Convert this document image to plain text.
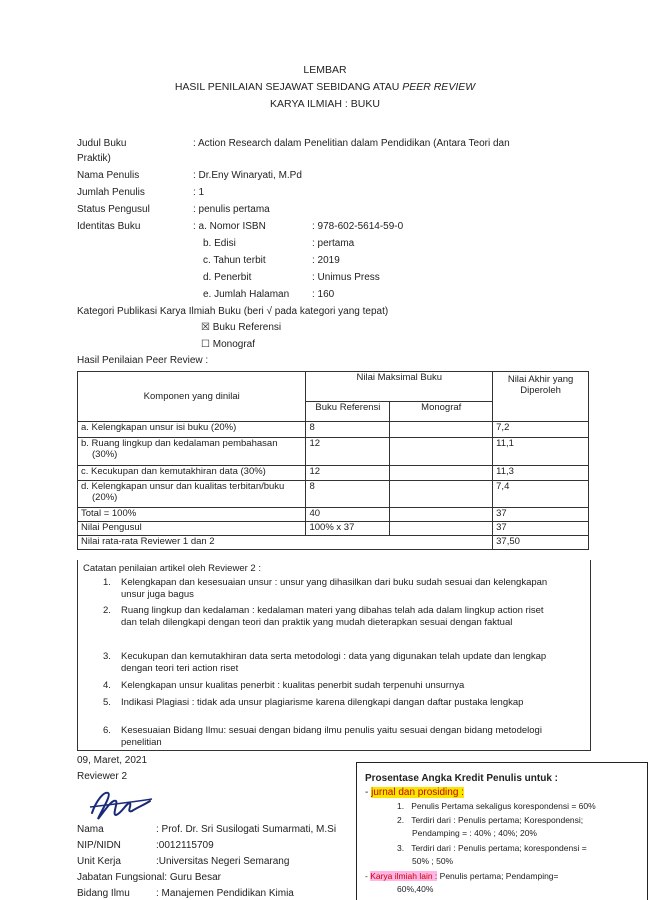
LEMBAR
HASIL PENILAIAN SEJAWAT SEBIDANG ATAU PEER REVIEW
KARYA ILMIAH : BUKU
Judul Buku	: Action Research dalam Penelitian dalam Pendidikan (Antara Teori dan
Praktik)
Nama Penulis	: Dr.Eny Winaryati, M.Pd
Jumlah Penulis	: 1
Status Pengusul	: penulis pertama
Identitas Buku	: a. Nomor ISBN	: 978-602-5614-59-0
b. Edisi	: pertama
c. Tahun terbit	: 2019
d. Penerbit	: Unimus Press
e. Jumlah Halaman : 160
Kategori Publikasi Karya Ilmiah Buku (beri √ pada kategori yang tepat)
☒ Buku Referensi
☐ Monograf
Hasil Penilaian Peer Review :
Komponen yang dinilai	Nilai Maksimal Buku		Nilai Akhir yang Diperoleh
	Buku Referensi	Monograf	
a. Kelengkapan unsur isi buku (20%)	8		7,2
b. Ruang lingkup dan kedalaman pembahasan (30%)	12		11,1
c. Kecukupan dan kemutakhiran data (30%)	12		11,3
d. Kelengkapan unsur dan kualitas terbitan/buku (20%)	8		7,4
Total = 100%	40		37
Nilai Pengusul	100% x 37		37
Nilai rata-rata Reviewer 1 dan 2			37,50
Catatan penilaian artikel oleh Reviewer 2 :
1. Kelengkapan dan kesesuaian unsur : unsur yang dihasilkan dari buku sudah sesuai dan kelengkapan unsur juga bagus
2. Ruang lingkup dan kedalaman : kedalaman materi yang dibahas telah ada dalam lingkup action riset dan telah dilengkapi dengan teori dan praktik yang mudah dieterapkan sesuai dengan faktual
3. Kecukupan dan kemutakhiran data serta metodologi : data yang digunakan telah update dan lengkap dengan teori teri action riset
4. Kelengkapan unsur kualitas penerbit : kualitas penerbit sudah terpenuhi unsurnya
5. Indikasi Plagiasi : tidak ada unsur plagiarisme karena dilengkapi dangan daftar pustaka lengkap
6. Kesesuaian Bidang Ilmu: sesuai dengan bidang ilmu penulis yaitu sesuai dengan bidang metodelogi penelitian
09, Maret, 2021
Reviewer 2
Nama	: Prof. Dr. Sri Susilogati Sumarmati, M.Si
NIP/NIDN	:0012115709
Unit Kerja	:Universitas Negeri Semarang
Jabatan Fungsional: Guru Besar
Bidang Ilmu	: Manajemen Pendidikan Kimia
Prosentase Angka Kredit Penulis untuk :
- jurnal dan prosiding :
1.   Penulis Pertama sekaligus korespondensi = 60%
2.   Terdiri dari : Penulis pertama; Korespondensi;
Pendamping = : 40% ; 40%; 20%
3.   Terdiri dari : Penulis pertama; korespondensi =
50% ; 50%
- Karya ilmiah lain : Penulis pertama; Pendamping=
60%,40%
